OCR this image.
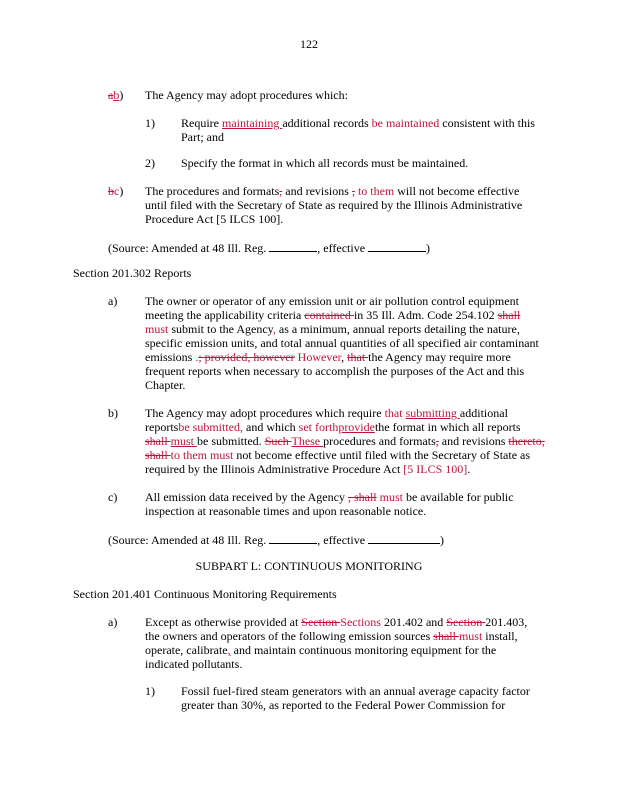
122
ab) The Agency may adopt procedures which:
1) Require maintaining additional records be maintained consistent with this Part; and
2) Specify the format in which all records must be maintained.
bc) The procedures and formats, and revisions , to them will not become effective until filed with the Secretary of State as required by the Illinois Administrative Procedure Act [5 ILCS 100].
(Source: Amended at 48 Ill. Reg.	, effective	)
Section 201.302 Reports
a) The owner or operator of any emission unit or air pollution control equipment meeting the applicability criteria contained in 35 Ill. Adm. Code 254.102 shall must submit to the Agency, as a minimum, annual reports detailing the nature, specific emission units, and total annual quantities of all specified air contaminant emissions .; provided, however However, that the Agency may require more frequent reports when necessary to accomplish the purposes of the Act and this Chapter.
b) The Agency may adopt procedures which require that submitting additional reportsbe submitted, and which set forthprovidethe format in which all reports shall must be submitted. Such These procedures and formats, and revisions thereto, shall to them must not become effective until filed with the Secretary of State as required by the Illinois Administrative Procedure Act [5 ILCS 100].
c) All emission data received by the Agency , shall must be available for public inspection at reasonable times and upon reasonable notice.
(Source: Amended at 48 Ill. Reg.	, effective	)
SUBPART L: CONTINUOUS MONITORING
Section 201.401 Continuous Monitoring Requirements
a) Except as otherwise provided at Section Sections 201.402 and Section 201.403, the owners and operators of the following emission sources shall must install, operate, calibrate, and maintain continuous monitoring equipment for the indicated pollutants.
1) Fossil fuel-fired steam generators with an annual average capacity factor greater than 30%, as reported to the Federal Power Commission for
